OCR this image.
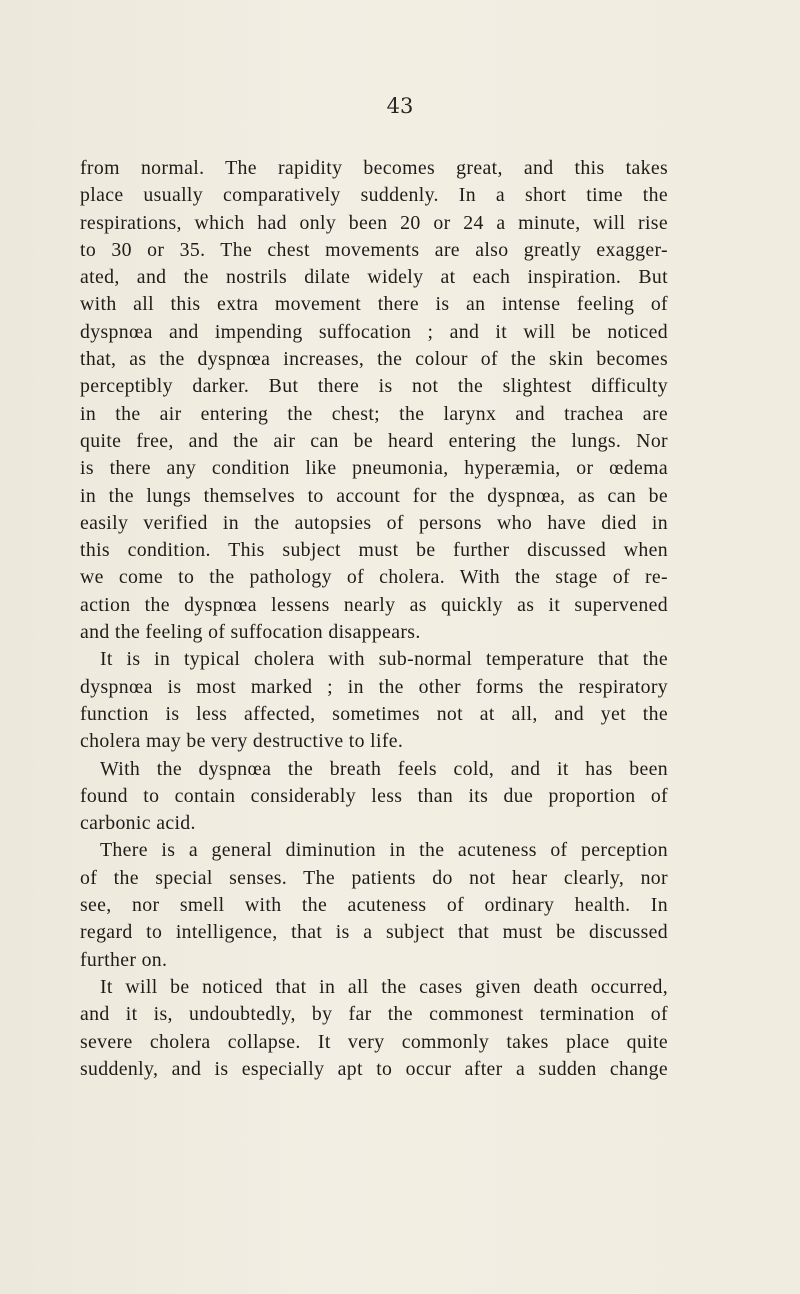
43

from normal. The rapidity becomes great, and this takes

place usually comparatively suddenly. In a short time the

respirations, which had only been 20 or 24 a minute, will rise

to 30 or 35. The chest movements are also greatly exagger-

ated, and the nostrils dilate widely at each inspiration. But

with all this extra movement there is an intense feeling of

dyspnœa and impending suffocation ; and it will be noticed

that, as the dyspnœa increases, the colour of the skin becomes

perceptibly darker. But there is not the slightest difficulty

in the air entering the chest; the larynx and trachea are

quite free, and the air can be heard entering the lungs. Nor

is there any condition like pneumonia, hyperæmia, or œdema

in the lungs themselves to account for the dyspnœa, as can be

easily verified in the autopsies of persons who have died in

this condition. This subject must be further discussed when

we come to the pathology of cholera. With the stage of re-

action the dyspnœa lessens nearly as quickly as it supervened

and the feeling of suffocation disappears.

It is in typical cholera with sub-normal temperature that the

dyspnœa is most marked ; in the other forms the respiratory

function is less affected, sometimes not at all, and yet the

cholera may be very destructive to life.

With the dyspnœa the breath feels cold, and it has been

found to contain considerably less than its due proportion of

carbonic acid.

There is a general diminution in the acuteness of perception

of the special senses. The patients do not hear clearly, nor

see, nor smell with the acuteness of ordinary health. In

regard to intelligence, that is a subject that must be discussed

further on.

It will be noticed that in all the cases given death occurred,

and it is, undoubtedly, by far the commonest termination of

severe cholera collapse. It very commonly takes place quite

suddenly, and is especially apt to occur after a sudden change
